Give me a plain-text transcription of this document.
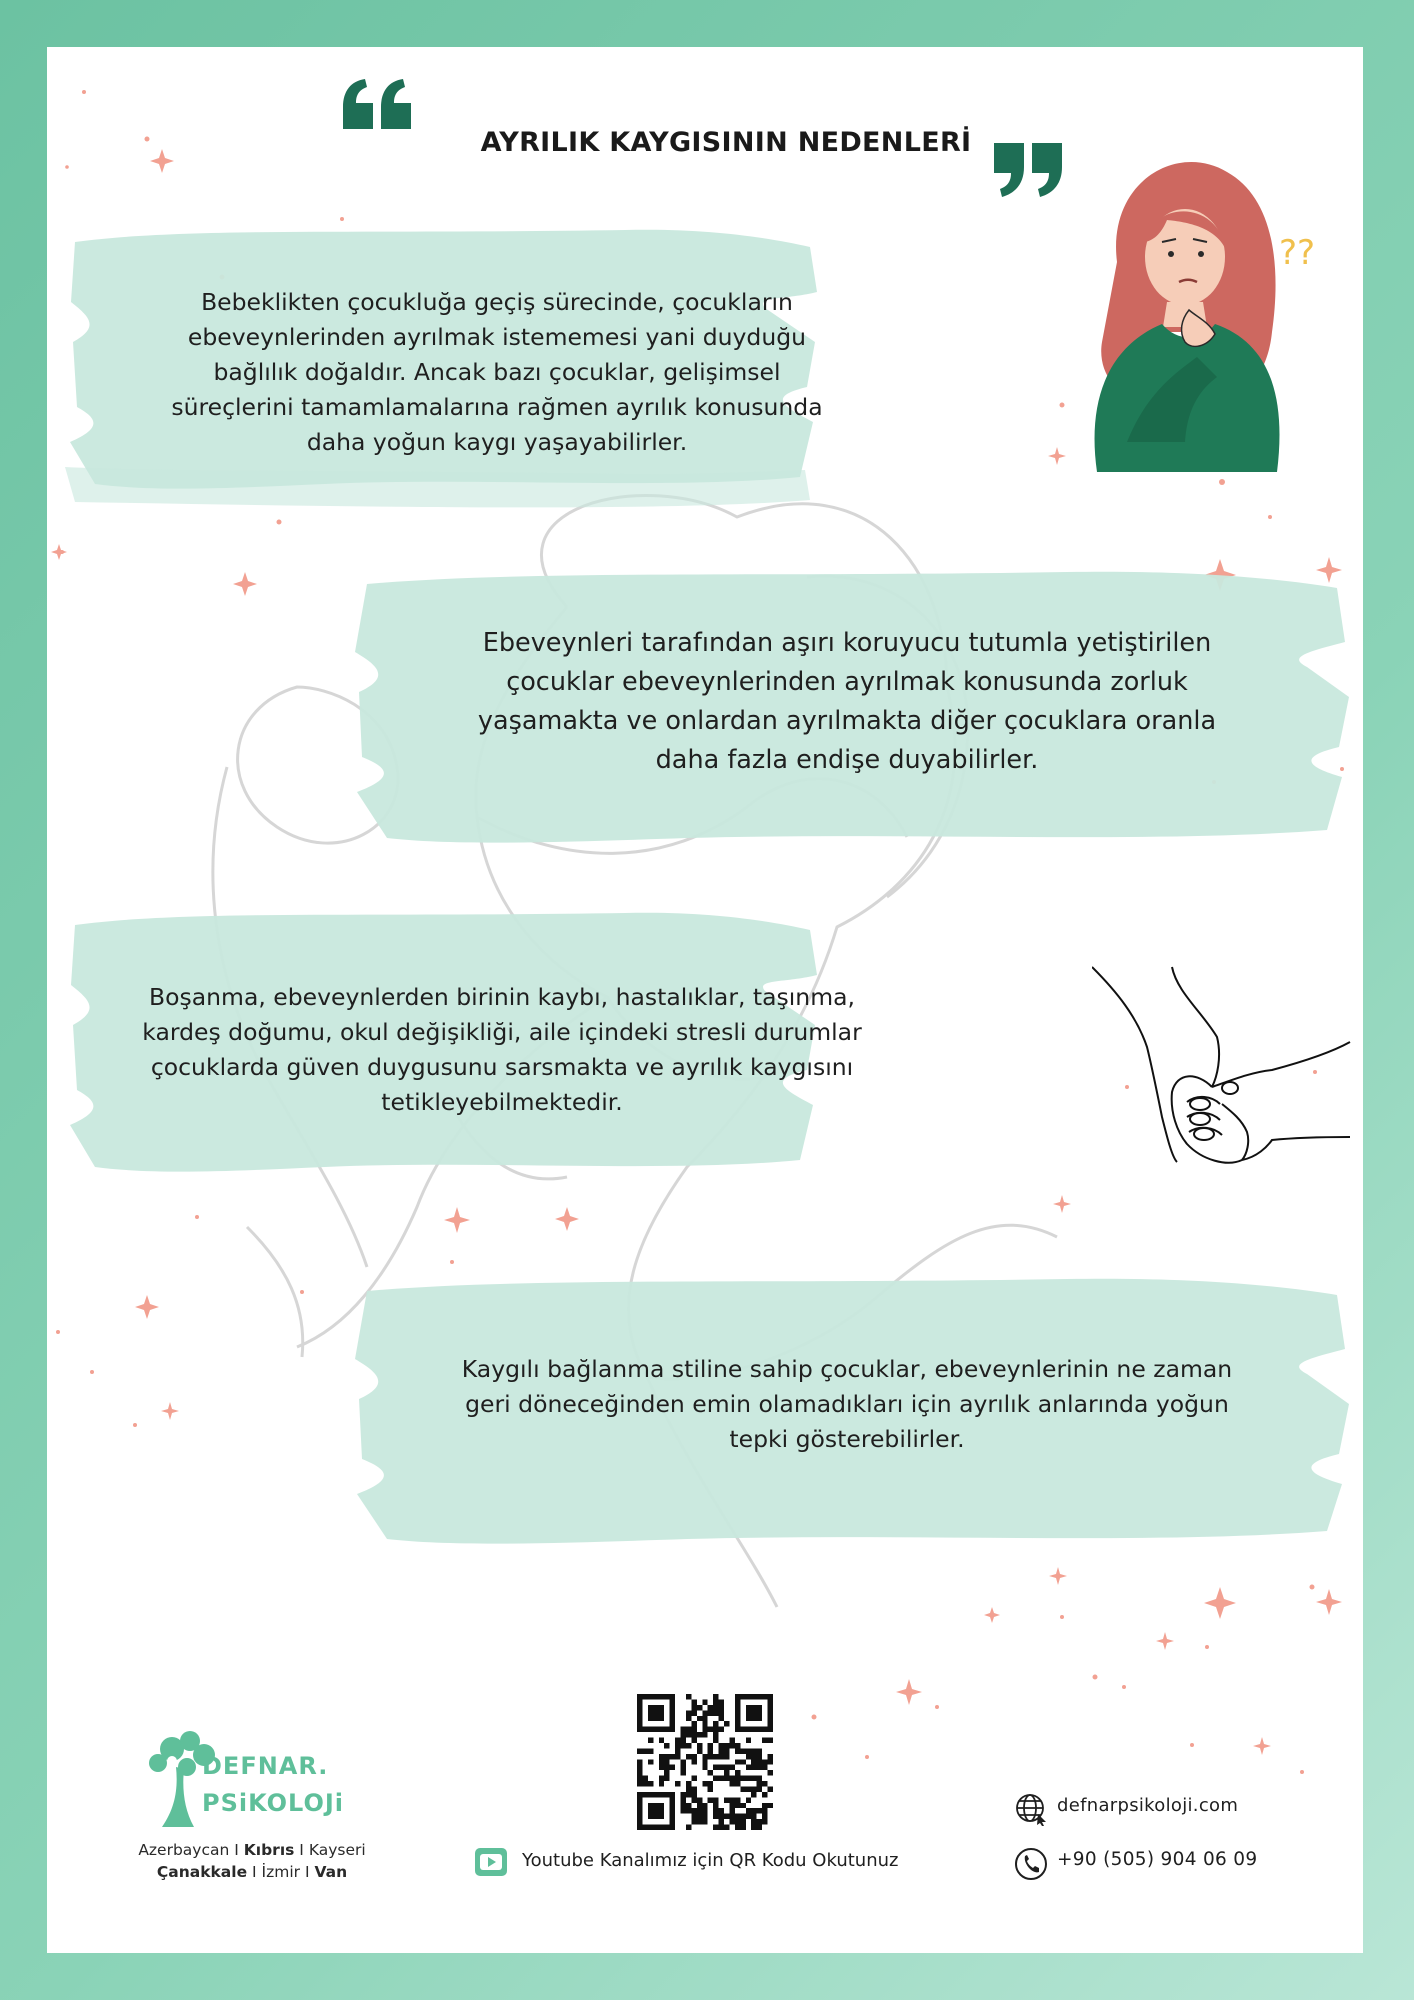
AYRILIK KAYGISININ NEDENLERİ
Bebeklikten çocukluğa geçiş sürecinde, çocukların ebeveynlerinden ayrılmak istememesi yani duyduğu bağlılık doğaldır. Ancak bazı çocuklar, gelişimsel süreçlerini tamamlamalarına rağmen ayrılık konusunda daha yoğun kaygı yaşayabilirler.
Ebeveynleri tarafından aşırı koruyucu tutumla yetiştirilen çocuklar ebeveynlerinden ayrılmak konusunda zorluk yaşamakta ve onlardan ayrılmakta diğer çocuklara oranla daha fazla endişe duyabilirler.
Boşanma, ebeveynlerden birinin kaybı, hastalıklar, taşınma, kardeş doğumu, okul değişikliği, aile içindeki stresli durumlar çocuklarda güven duygusunu sarsmakta ve ayrılık kaygısını tetikleyebilmektedir.
Kaygılı bağlanma stiline sahip çocuklar, ebeveynlerinin ne zaman geri döneceğinden emin olamadıkları için ayrılık anlarında yoğun tepki gösterebilirler.
??
DEFNAR.
PSiKOLOJi
Azerbaycan I Kıbrıs I Kayseri
Çanakkale I İzmir I Van
Youtube Kanalımız için QR Kodu Okutunuz
defnarpsikoloji.com
+90 (505) 904 06 09
